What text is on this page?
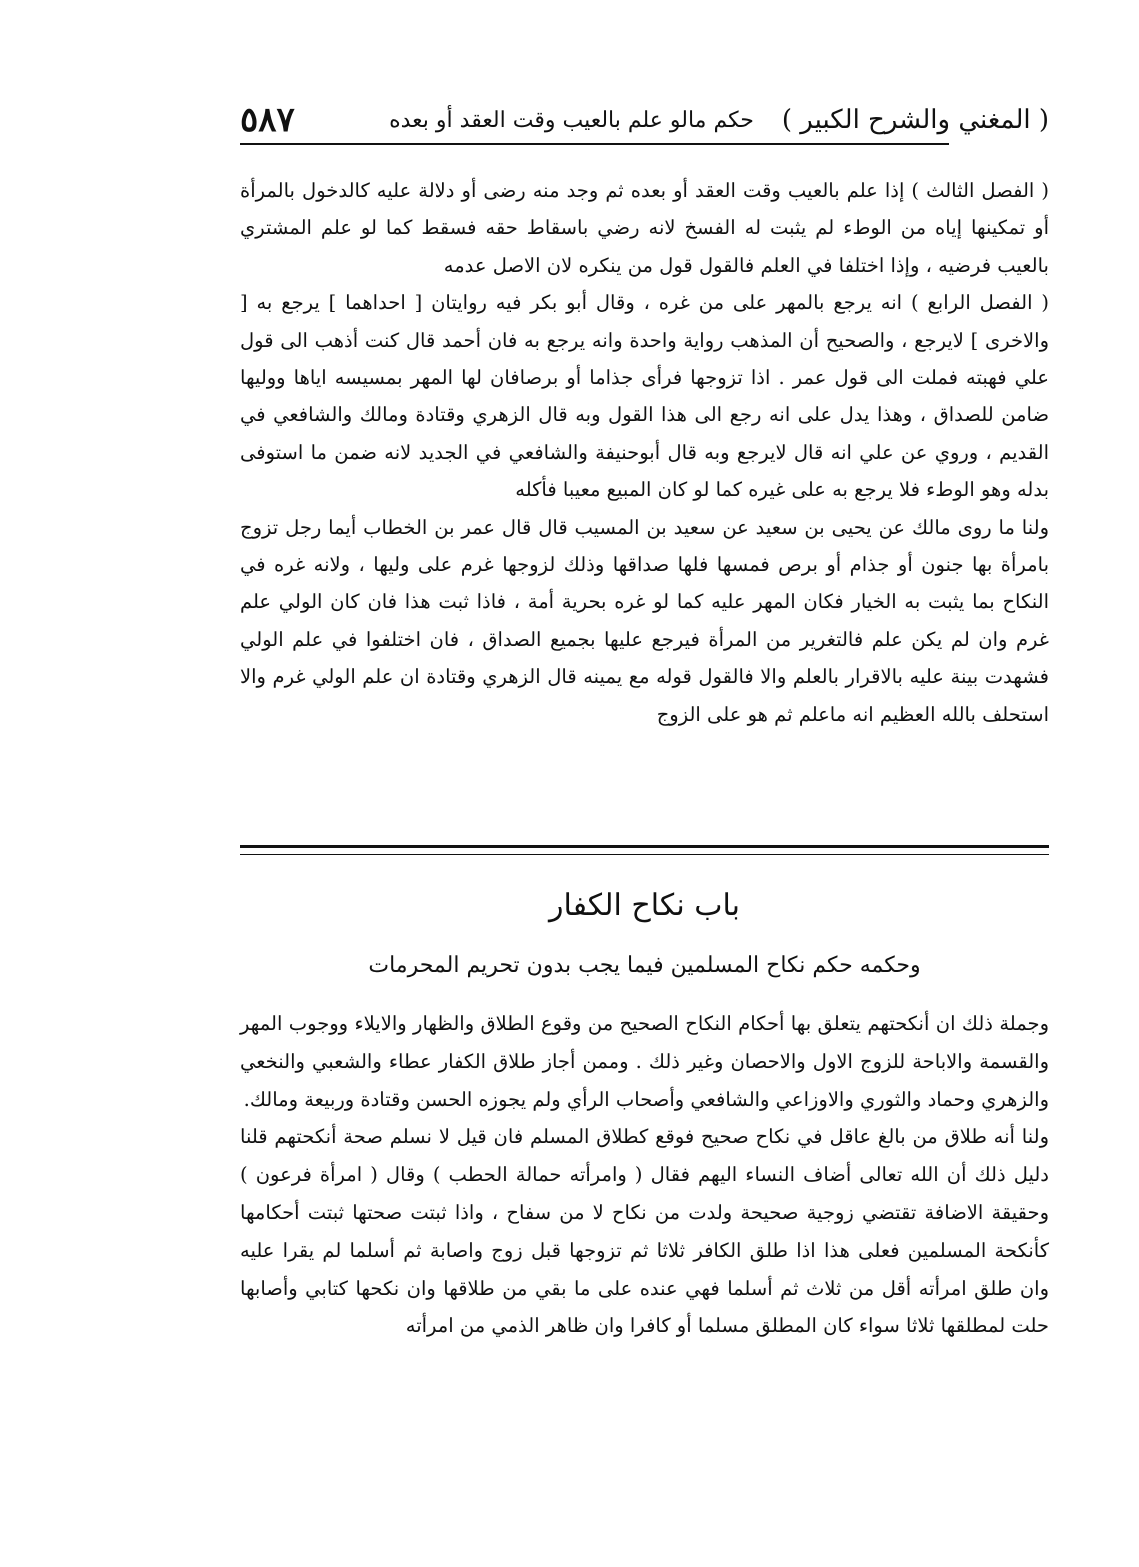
( المغني والشرح الكبير )
حكم مالو علم بالعيب وقت العقد أو بعده
٥٨٧

( الفصل الثالث ) إذا علم بالعيب وقت العقد أو بعده ثم وجد منه رضى أو دلالة عليه كالدخول بالمرأة أو تمكينها إياه من الوطء لم يثبت له الفسخ لانه رضي باسقاط حقه فسقط كما لو علم المشتري بالعيب فرضيه ، وإذا اختلفا في العلم فالقول قول من ينكره لان الاصل عدمه

( الفصل الرابع ) انه يرجع بالمهر على من غره ، وقال أبو بكر فيه روايتان [ احداهما ] يرجع به [ والاخرى ] لايرجع ، والصحيح أن المذهب رواية واحدة وانه يرجع به فان أحمد قال كنت أذهب الى قول علي فهبته فملت الى قول عمر . اذا تزوجها فرأى جذاما أو برصافان لها المهر بمسيسه اياها ووليها ضامن للصداق ، وهذا يدل على انه رجع الى هذا القول وبه قال الزهري وقتادة ومالك والشافعي في القديم ، وروي عن علي انه قال لايرجع وبه قال أبوحنيفة والشافعي في الجديد لانه ضمن ما استوفى بدله وهو الوطء فلا يرجع به على غيره كما لو كان المبيع معيبا فأكله

ولنا ما روى مالك عن يحيى بن سعيد عن سعيد بن المسيب قال قال عمر بن الخطاب أيما رجل تزوج بامرأة بها جنون أو جذام أو برص فمسها فلها صداقها وذلك لزوجها غرم على وليها ، ولانه غره في النكاح بما يثبت به الخيار فكان المهر عليه كما لو غره بحرية أمة ، فاذا ثبت هذا فان كان الولي علم غرم وان لم يكن علم فالتغرير من المرأة فيرجع عليها بجميع الصداق ، فان اختلفوا في علم الولي فشهدت بينة عليه بالاقرار بالعلم والا فالقول قوله مع يمينه قال الزهري وقتادة ان علم الولي غرم والا استحلف بالله العظيم انه ماعلم ثم هو على الزوج

باب نكاح الكفار
وحكمه حكم نكاح المسلمين فيما يجب بدون تحريم المحرمات

وجملة ذلك ان أنكحتهم يتعلق بها أحكام النكاح الصحيح من وقوع الطلاق والظهار والايلاء ووجوب المهر والقسمة والاباحة للزوج الاول والاحصان وغير ذلك . وممن أجاز طلاق الكفار عطاء والشعبي والنخعي والزهري وحماد والثوري والاوزاعي والشافعي وأصحاب الرأي ولم يجوزه الحسن وقتادة وربيعة ومالك.

ولنا أنه طلاق من بالغ عاقل في نكاح صحيح فوقع كطلاق المسلم فان قيل لا نسلم صحة أنكحتهم قلنا دليل ذلك أن الله تعالى أضاف النساء اليهم فقال ( وامرأته حمالة الحطب ) وقال ( امرأة فرعون ) وحقيقة الاضافة تقتضي زوجية صحيحة ولدت من نكاح لا من سفاح ، واذا ثبتت صحتها ثبتت أحكامها كأنكحة المسلمين فعلى هذا اذا طلق الكافر ثلاثا ثم تزوجها قبل زوج واصابة ثم أسلما لم يقرا عليه وان طلق امرأته أقل من ثلاث ثم أسلما فهي عنده على ما بقي من طلاقها وان نكحها كتابي وأصابها حلت لمطلقها ثلاثا سواء كان المطلق مسلما أو كافرا وان ظاهر الذمي من امرأته
